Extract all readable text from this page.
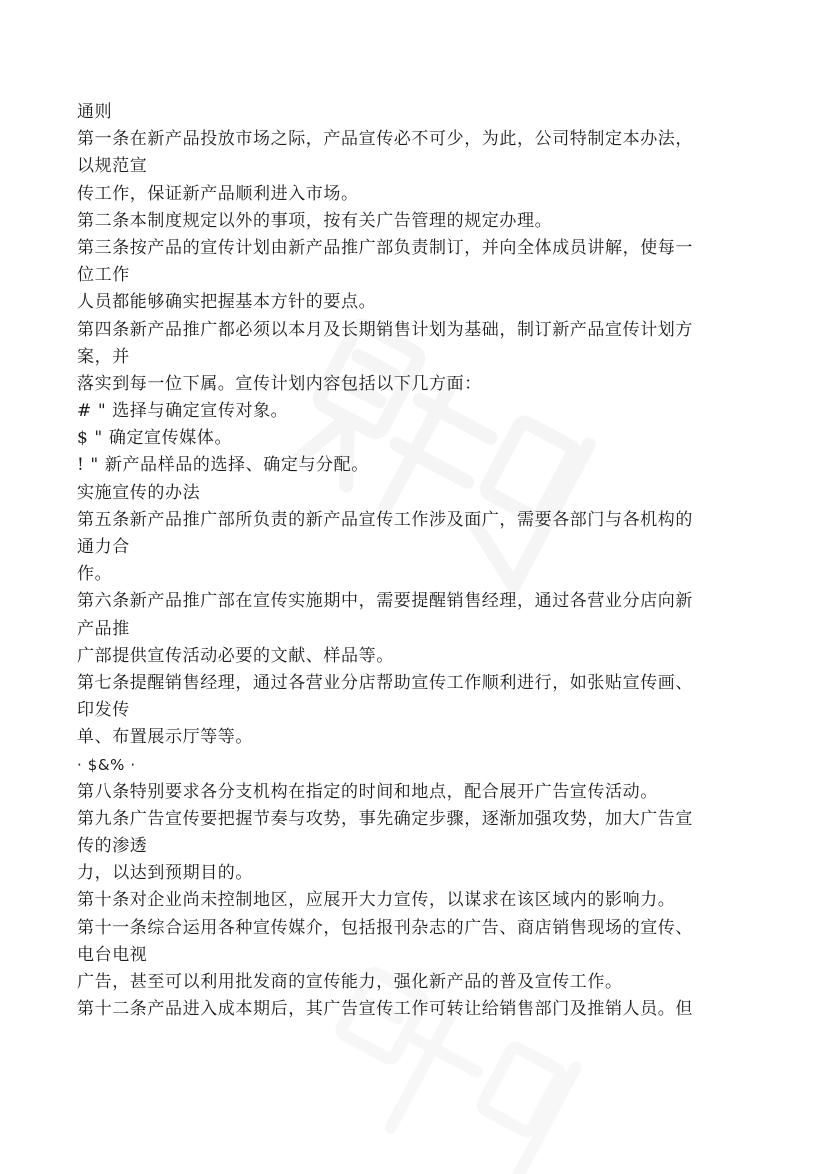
通则
第一条在新产品投放市场之际，产品宣传必不可少，为此，公司特制定本办法，
以规范宣
传工作，保证新产品顺利进入市场。
第二条本制度规定以外的事项，按有关广告管理的规定办理。
第三条按产品的宣传计划由新产品推广部负责制订，并向全体成员讲解，使每一
位工作
人员都能够确实把握基本方针的要点。
第四条新产品推广都必须以本月及长期销售计划为基础，制订新产品宣传计划方
案，并
落实到每一位下属。宣传计划内容包括以下几方面：
# " 选择与确定宣传对象。
$ " 确定宣传媒体。
! " 新产品样品的选择、确定与分配。
实施宣传的办法
第五条新产品推广部所负责的新产品宣传工作涉及面广，需要各部门与各机构的
通力合
作。
第六条新产品推广部在宣传实施期中，需要提醒销售经理，通过各营业分店向新
产品推
广部提供宣传活动必要的文献、样品等。
第七条提醒销售经理，通过各营业分店帮助宣传工作顺利进行，如张贴宣传画、
印发传
单、布置展示厅等等。
· $&% ·
第八条特别要求各分支机构在指定的时间和地点，配合展开广告宣传活动。
第九条广告宣传要把握节奏与攻势，事先确定步骤，逐渐加强攻势，加大广告宣
传的渗透
力，以达到预期目的。
第十条对企业尚未控制地区，应展开大力宣传，以谋求在该区域内的影响力。
第十一条综合运用各种宣传媒介，包括报刊杂志的广告、商店销售现场的宣传、
电台电视
广告，甚至可以利用批发商的宣传能力，强化新产品的普及宣传工作。
第十二条产品进入成本期后，其广告宣传工作可转让给销售部门及推销人员。但
